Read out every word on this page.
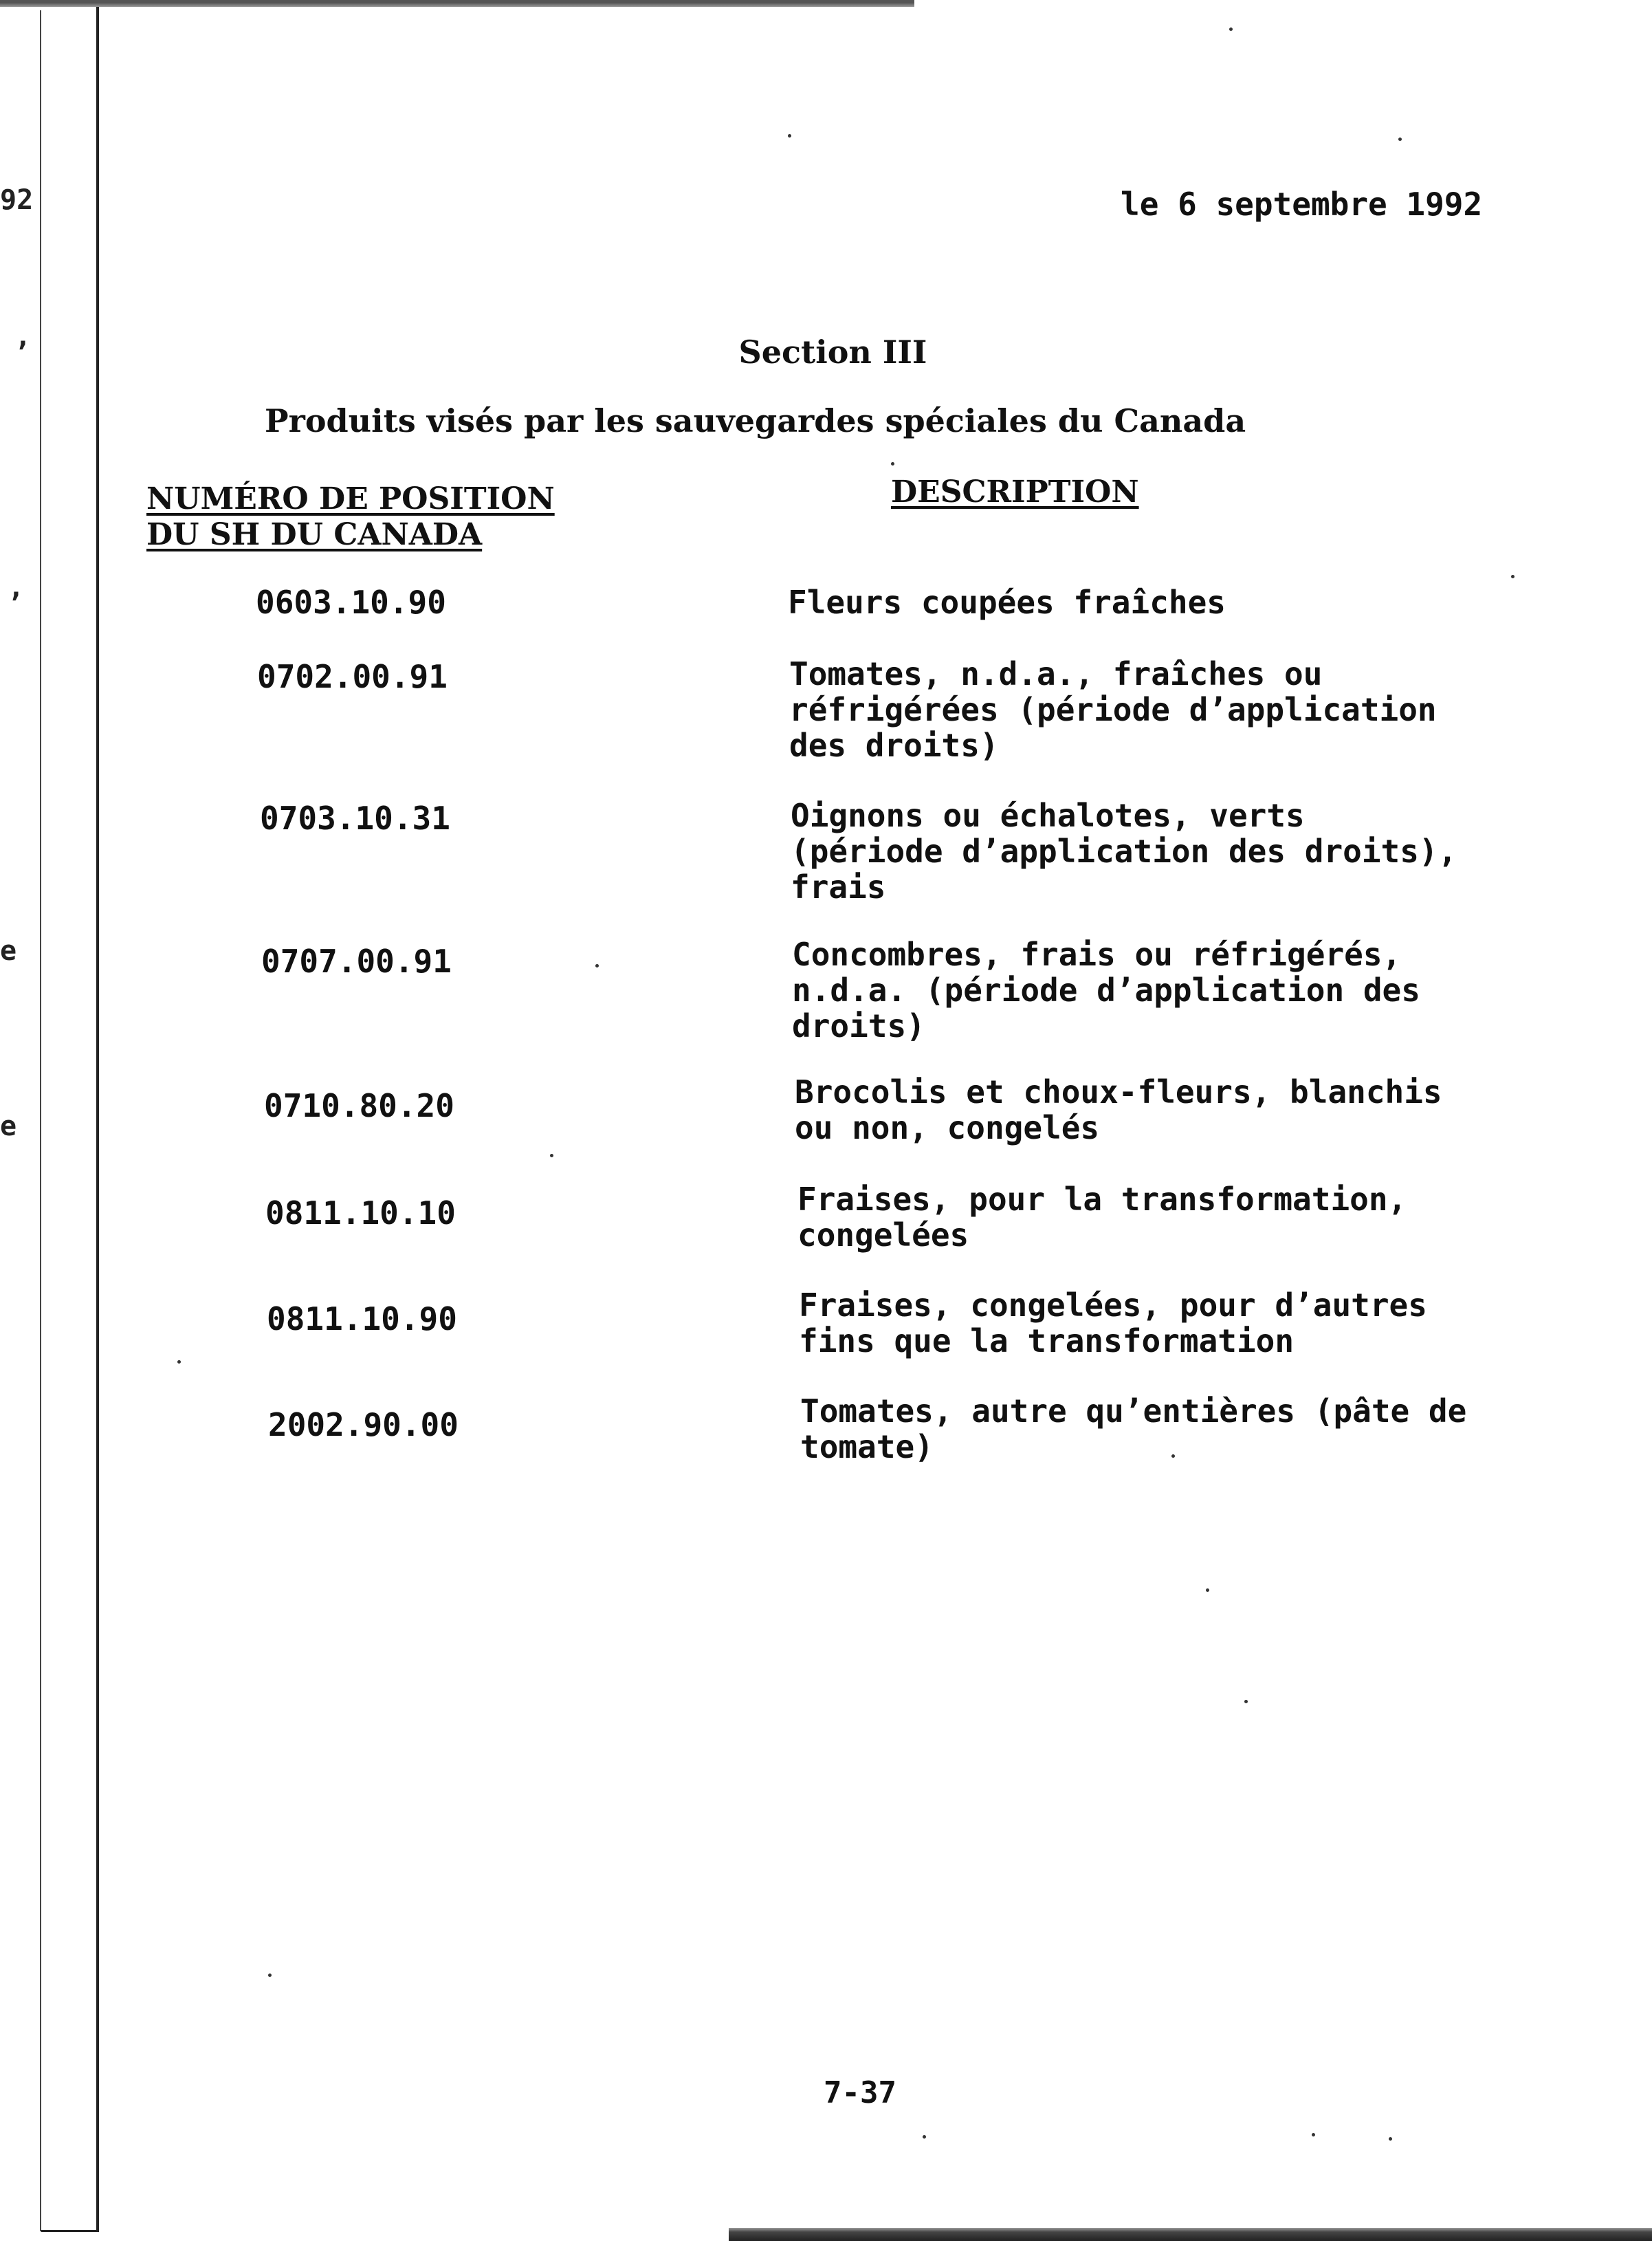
92
’
’
e
e
le 6 septembre 1992
Section III
Produits visés par les sauvegardes spéciales du Canada
NUMÉRO DE POSITION
DU SH DU CANADA
DESCRIPTION
0603.10.90	Fleurs coupées fraîches
0702.00.91	Tomates, n.d.a., fraîches ou
réfrigérées (période d’application
des droits)
0703.10.31	Oignons ou échalotes, verts
(période d’application des droits),
frais
0707.00.91	Concombres, frais ou réfrigérés,
n.d.a. (période d’application des
droits)
0710.80.20	Brocolis et choux-fleurs, blanchis
ou non, congelés
0811.10.10	Fraises, pour la transformation,
congelées
0811.10.90	Fraises, congelées, pour d’autres
fins que la transformation
2002.90.00	Tomates, autre qu’entières (pâte de
tomate)
7-37
